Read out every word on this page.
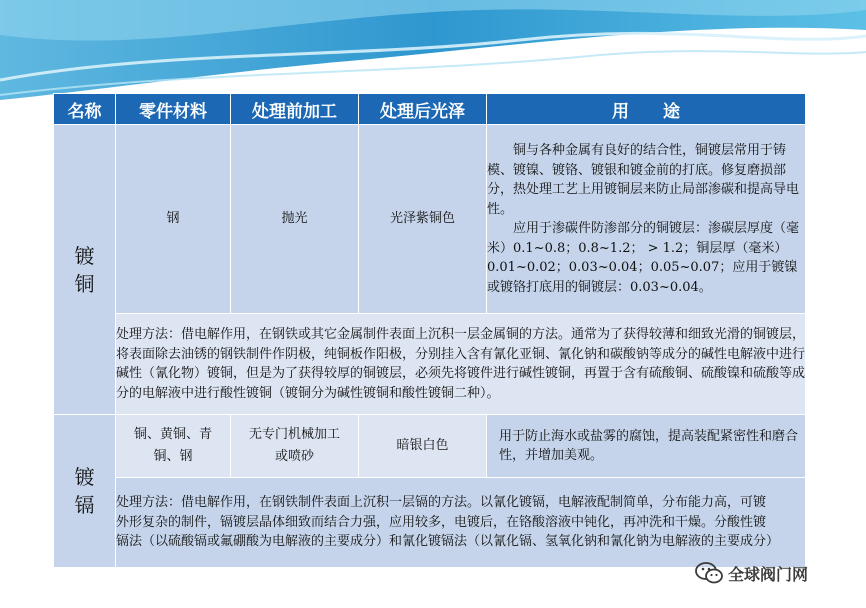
名称	零件材料	处理前加工	处理后光泽	用途
镀铜	钢	抛光	光泽紫铜色	铜与各种金属有良好的结合性，铜镀层常用于铸模、镀镍、镀铬、镀银和镀金前的打底。修复磨损部分，热处理工艺上用镀铜层来防止局部渗碳和提高导电性。
应用于渗碳件防渗部分的铜镀层：渗碳层厚度（毫米）0.1~0.8；0.8~1.2； > 1.2；铜层厚（毫米）0.01~0.02；0.03~0.04；0.05~0.07；应用于镀镍或镀铬打底用的铜镀层：0.03~0.04。

	处理方法：借电解作用，在钢铁或其它金属制件表面上沉积一层金属铜的方法。通常为了获得较薄和细致光滑的铜镀层，将表面除去油锈的钢铁制件作阴极，纯铜板作阳极，分别挂入含有氰化亚铜、氰化钠和碳酸钠等成分的碱性电解液中进行碱性（氰化物）镀铜，但是为了获得较厚的铜镀层，必须先将镀件进行碱性镀铜，再置于含有硫酸铜、硫酸镍和硫酸等成分的电解液中进行酸性镀铜（镀铜分为碱性镀铜和酸性镀铜二种）。			
镀镉	铜、黄铜、青铜、钢	无专门机械加工或喷砂	暗银白色	用于防止海水或盐雾的腐蚀，提高装配紧密性和磨合性，并增加美观。
	处理方法：借电解作用，在钢铁制件表面上沉积一层镉的方法。以氰化镀镉，电解液配制简单，分布能力高，可镀外形复杂的制件，镉镀层晶体细致而结合力强，应用较多，电镀后，在铬酸溶液中钝化，再冲洗和干燥。分酸性镀镉法（以硫酸镉或氟硼酸为电解液的主要成分）和氰化镀镉法（以氰化镉、氢氧化钠和氰化钠为电解液的主要成分）			
全球阀门网
